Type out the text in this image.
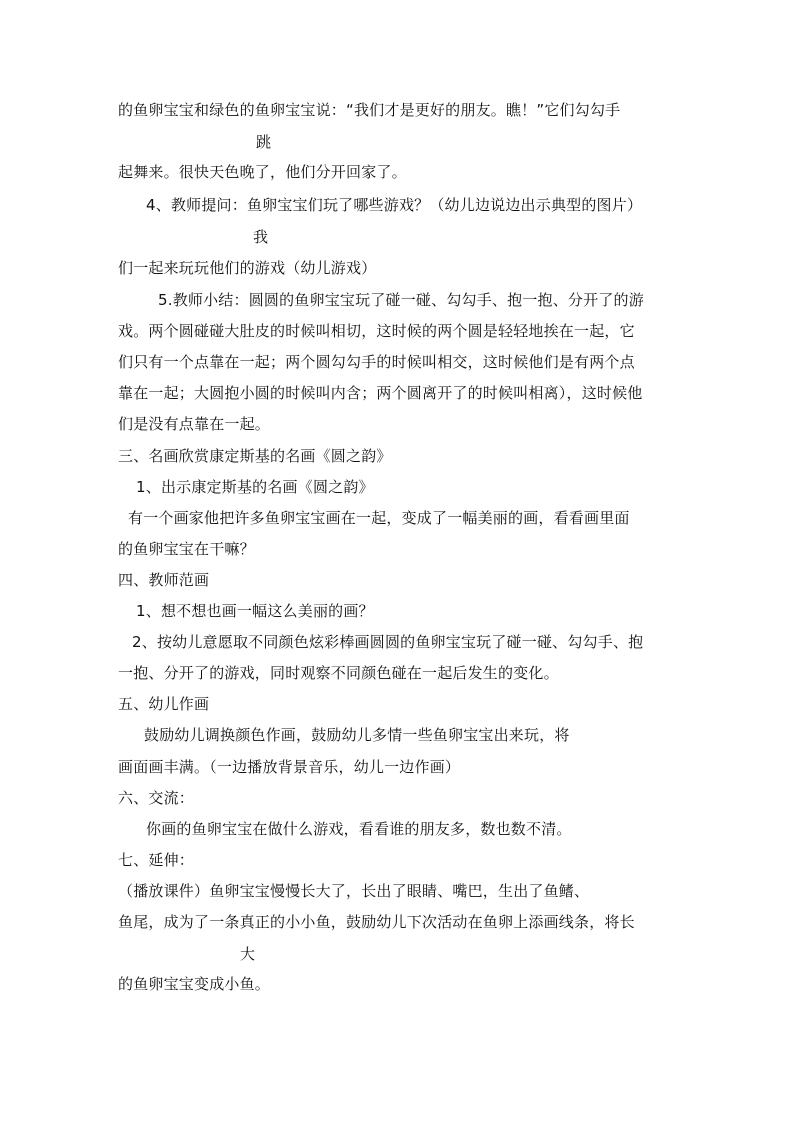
的鱼卵宝宝和绿色的鱼卵宝宝说：“我们才是更好的朋友。瞧！”它们勾勾手
跳
起舞来。很快天色晚了，他们分开回家了。
4、教师提问：鱼卵宝宝们玩了哪些游戏？（幼儿边说边出示典型的图片）
我
们一起来玩玩他们的游戏（幼儿游戏）
5.教师小结：圆圆的鱼卵宝宝玩了碰一碰、勾勾手、抱一抱、分开了的游
戏。两个圆碰碰大肚皮的时候叫相切，这时候的两个圆是轻轻地挨在一起，它
们只有一个点靠在一起；两个圆勾勾手的时候叫相交，这时候他们是有两个点
靠在一起；大圆抱小圆的时候叫内含；两个圆离开了的时候叫相离），这时候他
们是没有点靠在一起。
三、名画欣赏康定斯基的名画《圆之韵》
1、出示康定斯基的名画《圆之韵》
有一个画家他把许多鱼卵宝宝画在一起，变成了一幅美丽的画，看看画里面
的鱼卵宝宝在干嘛？
四、教师范画
1、想不想也画一幅这么美丽的画？
2、按幼儿意愿取不同颜色炫彩棒画圆圆的鱼卵宝宝玩了碰一碰、勾勾手、抱
一抱、分开了的游戏，同时观察不同颜色碰在一起后发生的变化。
五、幼儿作画
鼓励幼儿调换颜色作画，鼓励幼儿多情一些鱼卵宝宝出来玩，将
画面画丰满。（一边播放背景音乐，幼儿一边作画）
六、交流：
你画的鱼卵宝宝在做什么游戏，看看谁的朋友多，数也数不清。
七、延伸：
（播放课件）鱼卵宝宝慢慢长大了，长出了眼睛、嘴巴，生出了鱼鳍、
鱼尾，成为了一条真正的小小鱼，鼓励幼儿下次活动在鱼卵上添画线条，将长
大
的鱼卵宝宝变成小鱼。
